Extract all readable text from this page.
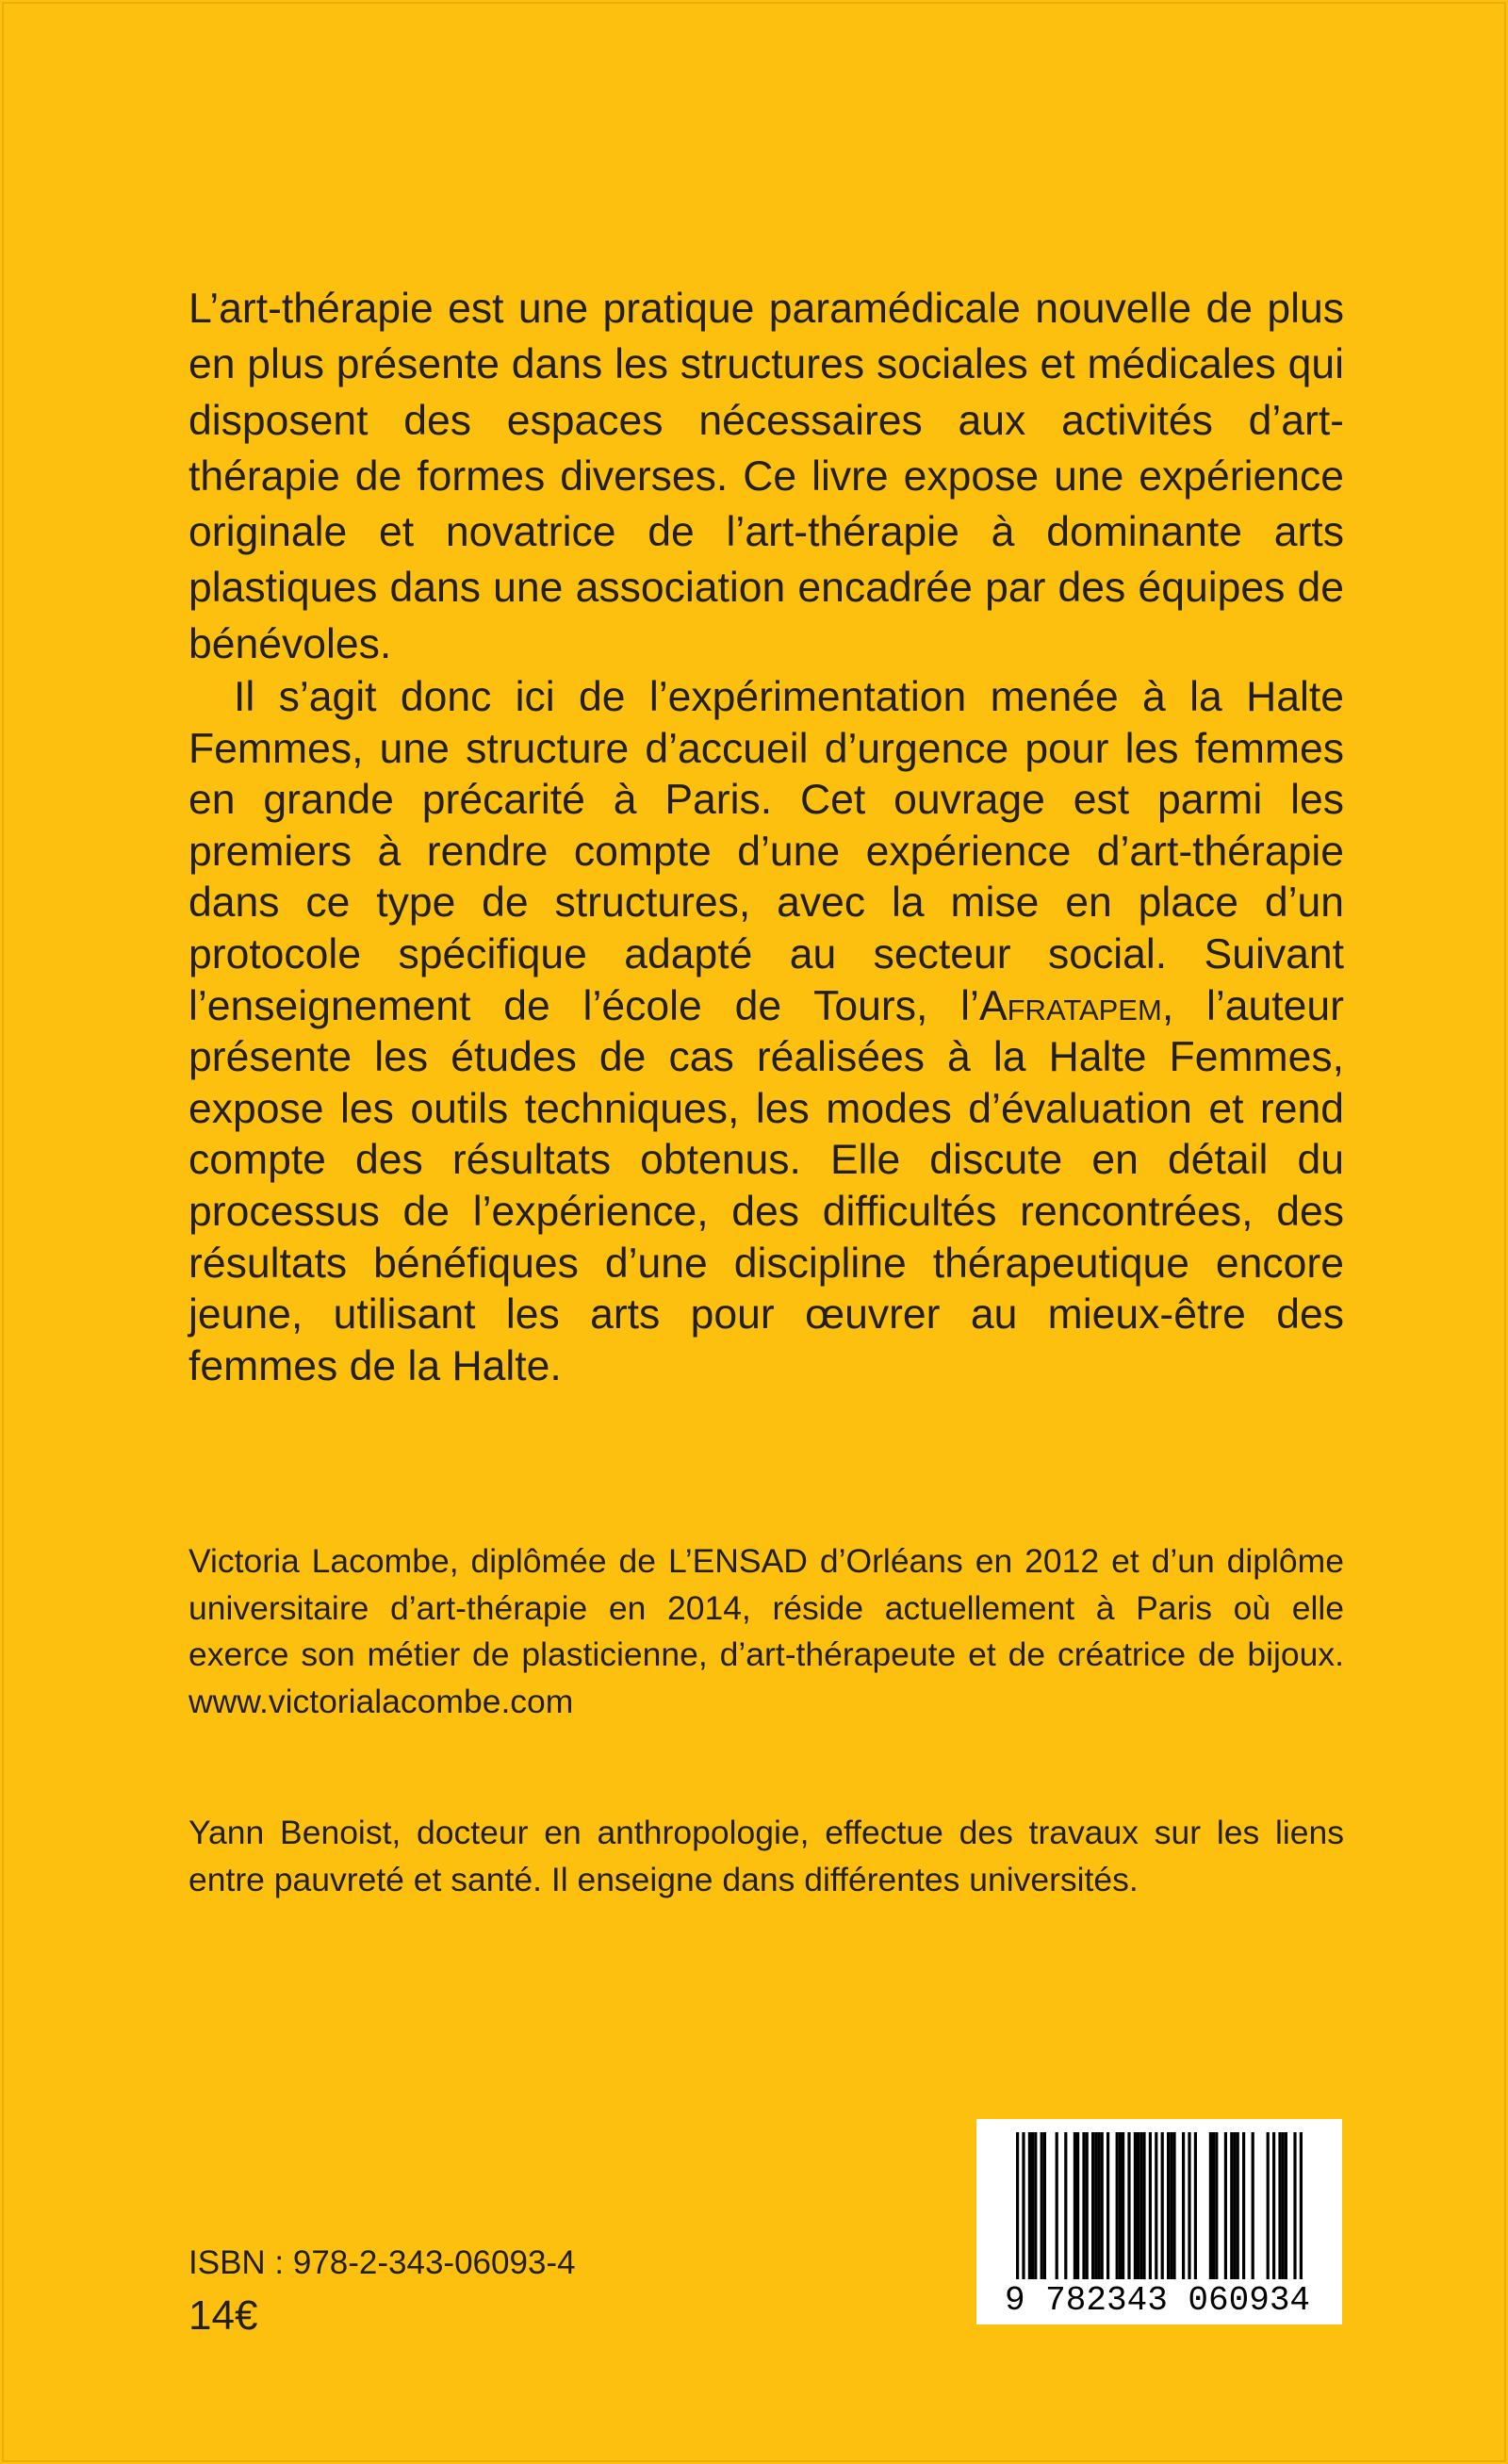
L’art-thérapie est une pratique paramédicale nouvelle de plus en plus présente dans les structures sociales et médicales qui disposent des espaces nécessaires aux activités d’art-thérapie de formes diverses. Ce livre expose une expérience originale et novatrice de l’art-thérapie à dominante arts plastiques dans une association encadrée par des équipes de bénévoles.

Il s’agit donc ici de l’expérimentation menée à la Halte Femmes, une structure d’accueil d’urgence pour les femmes en grande précarité à Paris. Cet ouvrage est parmi les premiers à rendre compte d’une expérience d’art-thérapie dans ce type de structures, avec la mise en place d’un protocole spécifique adapté au secteur social. Suivant l’enseignement de l’école de Tours, l’Afratapem, l’auteur présente les études de cas réalisées à la Halte Femmes, expose les outils techniques, les modes d’évaluation et rend compte des résultats obtenus. Elle discute en détail du processus de l’expérience, des difficultés rencontrées, des résultats bénéfiques d’une discipline thérapeutique encore jeune, utilisant les arts pour œuvrer au mieux-être des femmes de la Halte.

Victoria Lacombe, diplômée de L’ENSAD d’Orléans en 2012 et d’un diplôme universitaire d’art-thérapie en 2014, réside actuellement à Paris où elle exerce son métier de plasticienne, d’art-thérapeute et de créatrice de bijoux. www.victorialacombe.com

Yann Benoist, docteur en anthropologie, effectue des travaux sur les liens entre pauvreté et santé. Il enseigne dans différentes universités.

ISBN : 978-2-343-06093-4
14€	9 782343 060934
